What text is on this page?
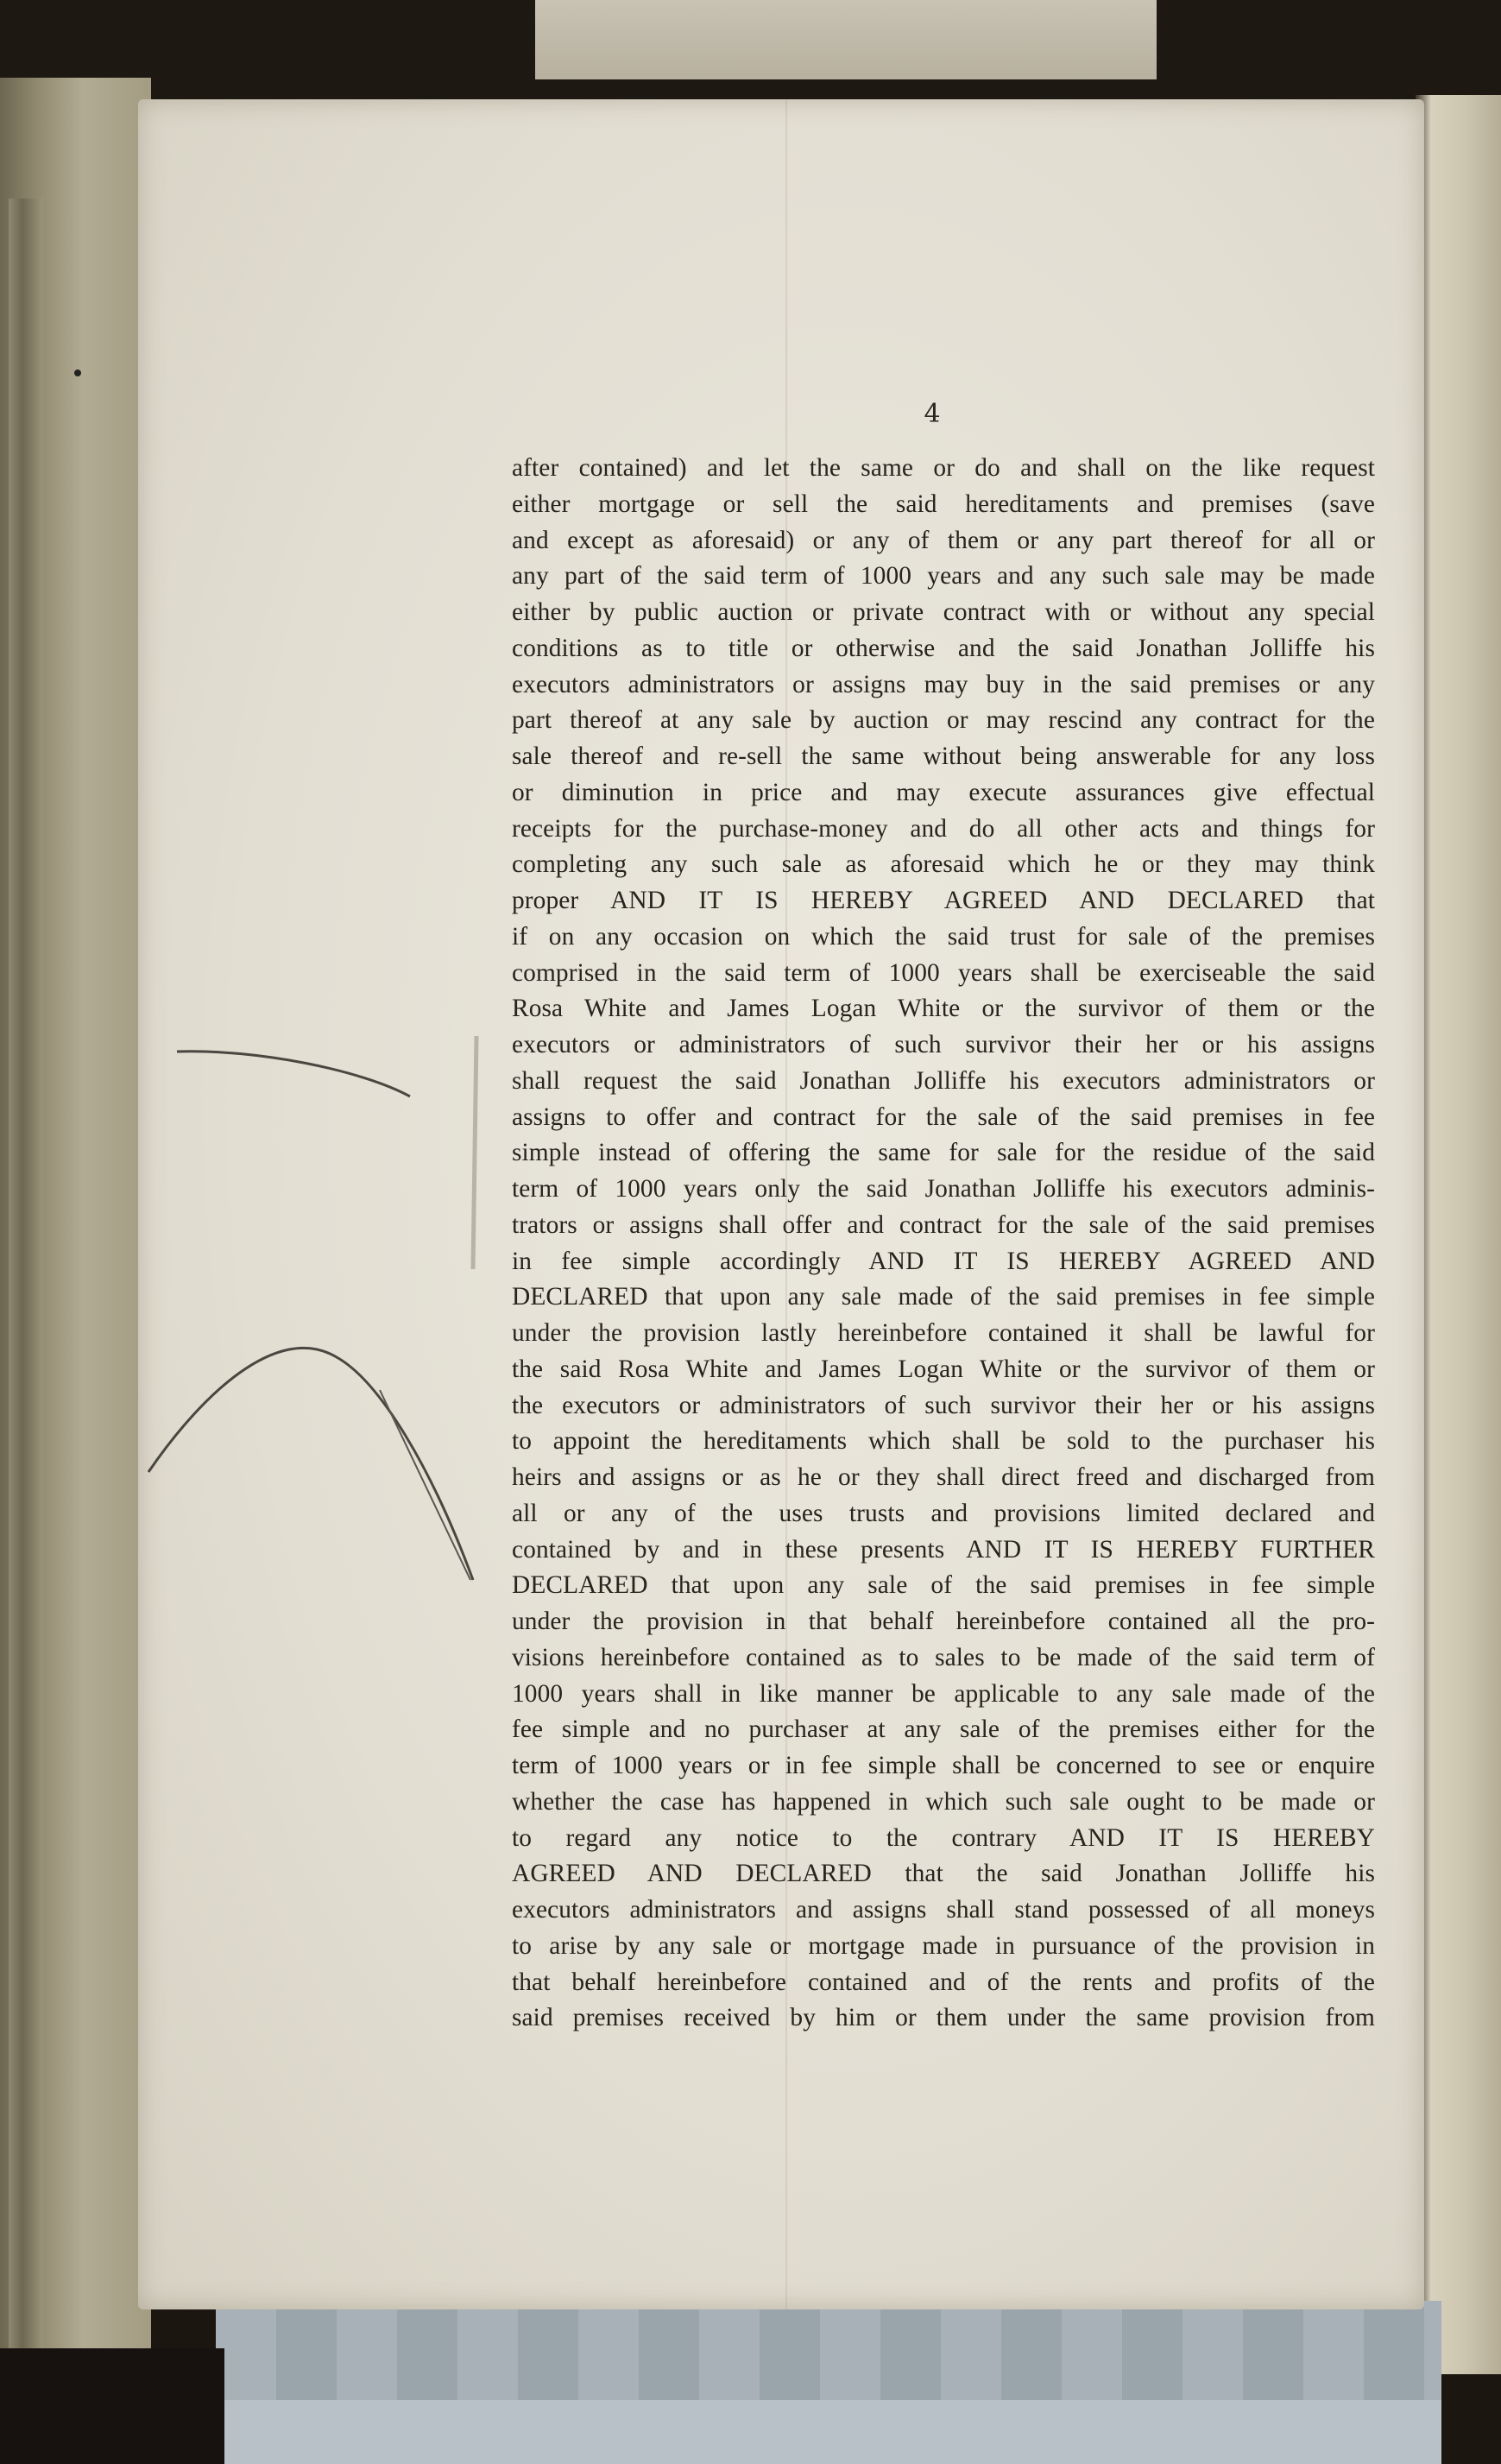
4
after contained) and let the same or do and shall on the like request
either mortgage or sell the said hereditaments and premises (save
and except as aforesaid) or any of them or any part thereof for all or
any part of the said term of 1000 years and any such sale may be made
either by public auction or private contract with or without any special
conditions as to title or otherwise and the said Jonathan Jolliffe his
executors administrators or assigns may buy in the said premises or any
part thereof at any sale by auction or may rescind any contract for the
sale thereof and re-sell the same without being answerable for any loss
or diminution in price and may execute assurances give effectual
receipts for the purchase-money and do all other acts and things for
completing any such sale as aforesaid which he or they may think
proper AND IT IS HEREBY AGREED AND DECLARED that
if on any occasion on which the said trust for sale of the premises
comprised in the said term of 1000 years shall be exerciseable the said
Rosa White and James Logan White or the survivor of them or the
executors or administrators of such survivor their her or his assigns
shall request the said Jonathan Jolliffe his executors administrators or
assigns to offer and contract for the sale of the said premises in fee
simple instead of offering the same for sale for the residue of the said
term of 1000 years only the said Jonathan Jolliffe his executors adminis-
trators or assigns shall offer and contract for the sale of the said premises
in fee simple accordingly AND IT IS HEREBY AGREED AND
DECLARED that upon any sale made of the said premises in fee simple
under the provision lastly hereinbefore contained it shall be lawful for
the said Rosa White and James Logan White or the survivor of them or
the executors or administrators of such survivor their her or his assigns
to appoint the hereditaments which shall be sold to the purchaser his
heirs and assigns or as he or they shall direct freed and discharged from
all or any of the uses trusts and provisions limited declared and
contained by and in these presents AND IT IS HEREBY FURTHER
DECLARED that upon any sale of the said premises in fee simple
under the provision in that behalf hereinbefore contained all the pro-
visions hereinbefore contained as to sales to be made of the said term of
1000 years shall in like manner be applicable to any sale made of the
fee simple and no purchaser at any sale of the premises either for the
term of 1000 years or in fee simple shall be concerned to see or enquire
whether the case has happened in which such sale ought to be made or
to regard any notice to the contrary AND IT IS HEREBY
AGREED AND DECLARED that the said Jonathan Jolliffe his
executors administrators and assigns shall stand possessed of all moneys
to arise by any sale or mortgage made in pursuance of the provision in
that behalf hereinbefore contained and of the rents and profits of the
said premises received by him or them under the same provision from
